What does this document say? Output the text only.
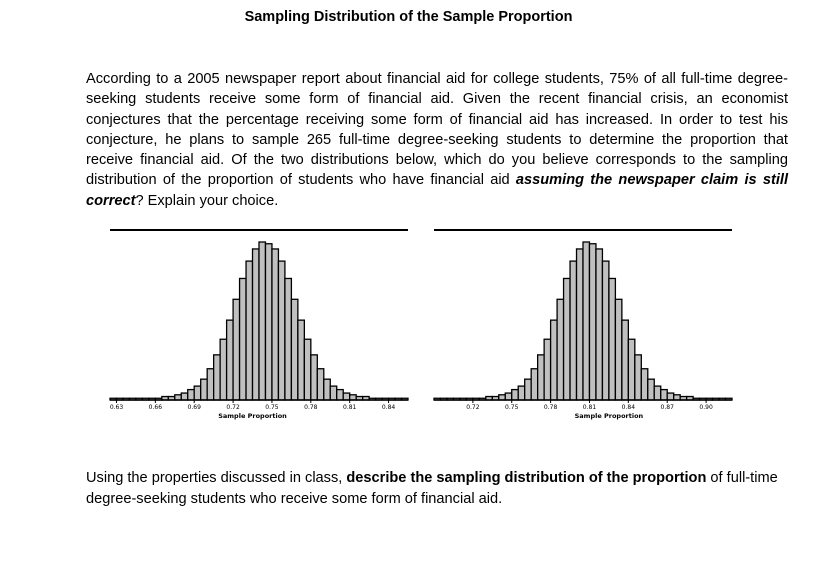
Sampling Distribution of the Sample Proportion
According to a 2005 newspaper report about financial aid for college students, 75% of all full-time degree-seeking students receive some form of financial aid. Given the recent financial crisis, an economist conjectures that the percentage receiving some form of financial aid has increased. In order to test his conjecture, he plans to sample 265 full-time degree-seeking students to determine the proportion that receive financial aid. Of the two distributions below, which do you believe corresponds to the sampling distribution of the proportion of students who have financial aid assuming the newspaper claim is still correct? Explain your choice.
0.63	0.66	0.69	0.72	0.75	0.78	0.81	0.84
Sample Proportion
0.72	0.75	0.78	0.81	0.84	0.87	0.90
Sample Proportion
Using the properties discussed in class, describe the sampling distribution of the proportion of full-time degree-seeking students who receive some form of financial aid.
